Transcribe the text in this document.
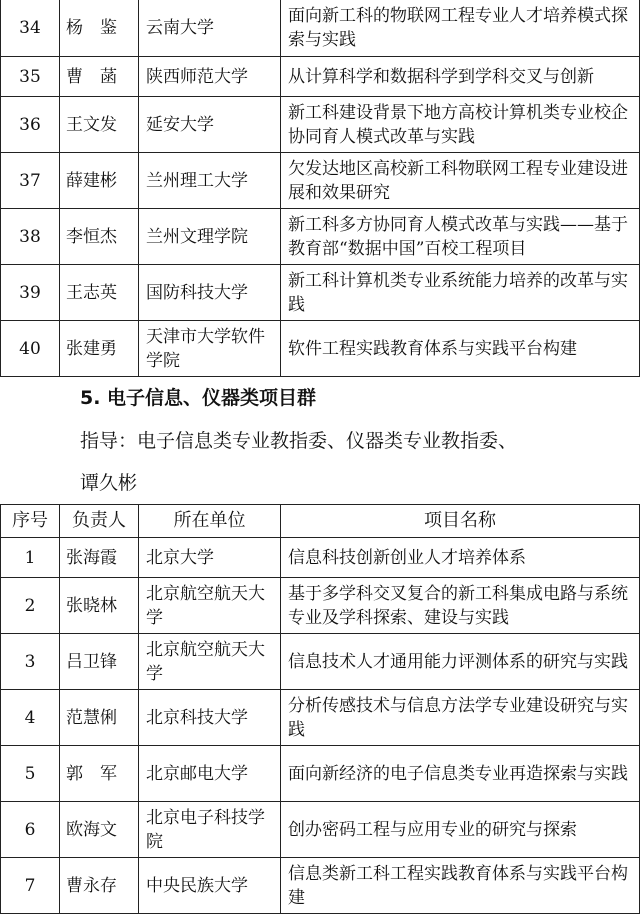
34	杨　鉴	云南大学	面向新工科的物联网工程专业人才培养模式探索与实践
35	曹　菡	陕西师范大学	从计算科学和数据科学到学科交叉与创新
36	王文发	延安大学	新工科建设背景下地方高校计算机类专业校企协同育人模式改革与实践
37	薛建彬	兰州理工大学	欠发达地区高校新工科物联网工程专业建设进展和效果研究
38	李恒杰	兰州文理学院	新工科多方协同育人模式改革与实践——基于教育部“数据中国”百校工程项目
39	王志英	国防科技大学	新工科计算机类专业系统能力培养的改革与实践
40	张建勇	天津市大学软件学院	软件工程实践教育体系与实践平台构建
5. 电子信息、仪器类项目群
指导：电子信息类专业教指委、仪器类专业教指委、
谭久彬
序号	负责人	所在单位	项目名称
1	张海霞	北京大学	信息科技创新创业人才培养体系
2	张晓林	北京航空航天大学	基于多学科交叉复合的新工科集成电路与系统专业及学科探索、建设与实践
3	吕卫锋	北京航空航天大学	信息技术人才通用能力评测体系的研究与实践
4	范慧俐	北京科技大学	分析传感技术与信息方法学专业建设研究与实践
5	郭　军	北京邮电大学	面向新经济的电子信息类专业再造探索与实践
6	欧海文	北京电子科技学院	创办密码工程与应用专业的研究与探索
7	曹永存	中央民族大学	信息类新工科工程实践教育体系与实践平台构建
